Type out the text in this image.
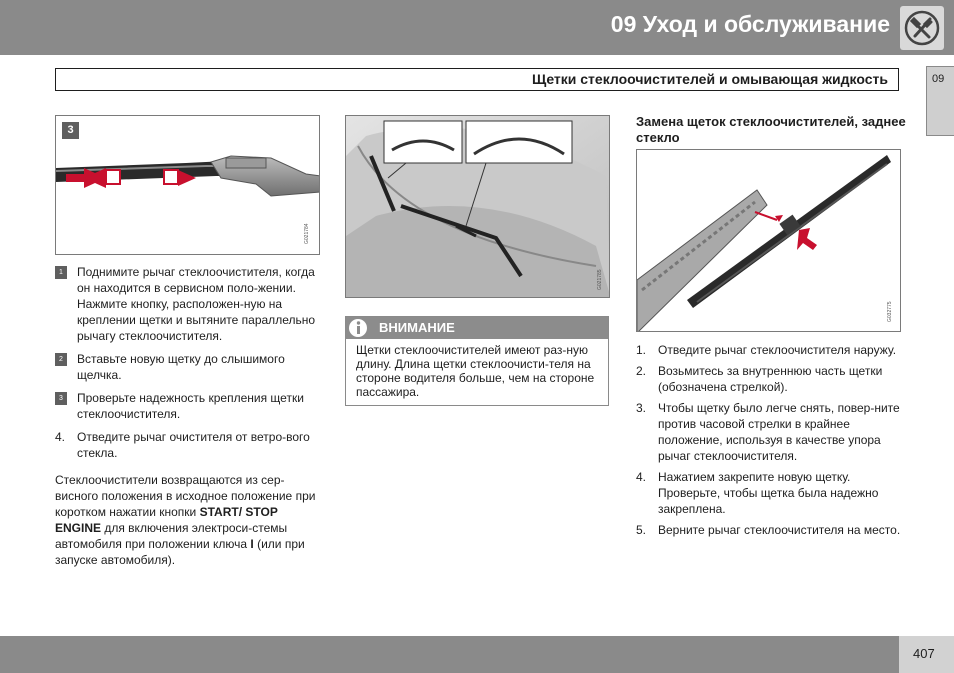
09 Уход и обслуживание
Щетки стеклоочистителей и омывающая жидкость	09
3
G021784
1	Поднимите рычаг стеклоочистителя, когда он находится в сервисном поло-жении. Нажмите кнопку, расположен-ную на креплении щетки и вытяните параллельно рычагу стеклоочистителя.
2	Вставьте новую щетку до слышимого щелчка.
3	Проверьте надежность крепления щетки стеклоочистителя.
4. Отведите рычаг очистителя от ветро-вого стекла.
Стеклоочистители возвращаются из сер-висного положения в исходное положение при коротком нажатии кнопки START/ STOP ENGINE для включения электроси-стемы автомобиля при положении ключа I (или при запуске автомобиля).
G021785
ВНИМАНИЕ
Щетки стеклоочистителей имеют раз-ную длину. Длина щетки стеклоочисти-теля на стороне водителя больше, чем на стороне пассажира.
Замена щеток стеклоочистителей, заднее стекло
G032775
1. Отведите рычаг стеклоочистителя наружу.
2. Возьмитесь за внутреннюю часть щетки (обозначена стрелкой).
3. Чтобы щетку было легче снять, повер-ните против часовой стрелки в крайнее положение, используя в качестве упора рычаг стеклоочистителя.
4. Нажатием закрепите новую щетку. Проверьте, чтобы щетка была надежно закреплена.
5. Верните рычаг стеклоочистителя на место.
407
